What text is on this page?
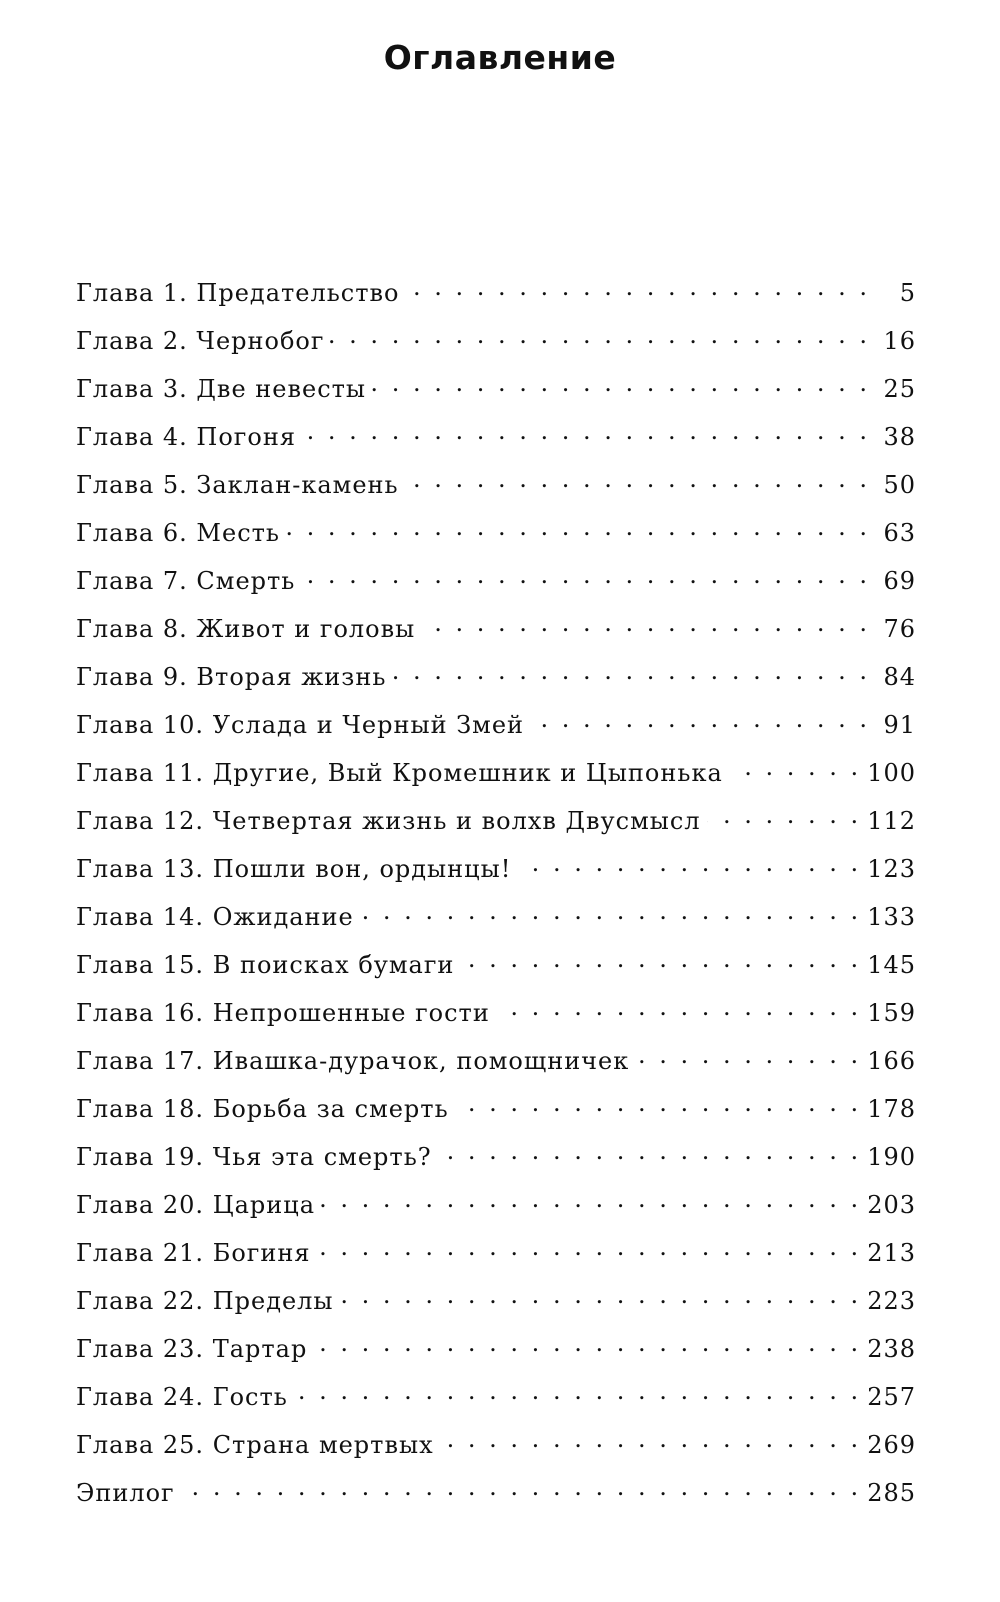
Оглавление
Глава 1. Предательство . . .	5
Глава 2. Чернобог . . .	16
Глава 3. Две невесты . . .	25
Глава 4. Погоня . . .	38
Глава 5. Заклан-камень . . .	50
Глава 6. Месть . . .	63
Глава 7. Смерть . . .	69
Глава 8. Живот и головы . . .	76
Глава 9. Вторая жизнь . . .	84
Глава 10. Услада и Черный Змей . . .	91
Глава 11. Другие, Вый Кромешник и Цыпонька . . .	100
Глава 12. Четвертая жизнь и волхв Двусмысл . . .	112
Глава 13. Пошли вон, ордынцы! . . .	123
Глава 14. Ожидание . . .	133
Глава 15. В поисках бумаги . . .	145
Глава 16. Непрошенные гости . . .	159
Глава 17. Ивашка-дурачок, помощничек . . .	166
Глава 18. Борьба за смерть . . .	178
Глава 19. Чья эта смерть? . . .	190
Глава 20. Царица . . .	203
Глава 21. Богиня . . .	213
Глава 22. Пределы . . .	223
Глава 23. Тартар . . .	238
Глава 24. Гость . . .	257
Глава 25. Страна мертвых . . .	269
Эпилог . . .	285
